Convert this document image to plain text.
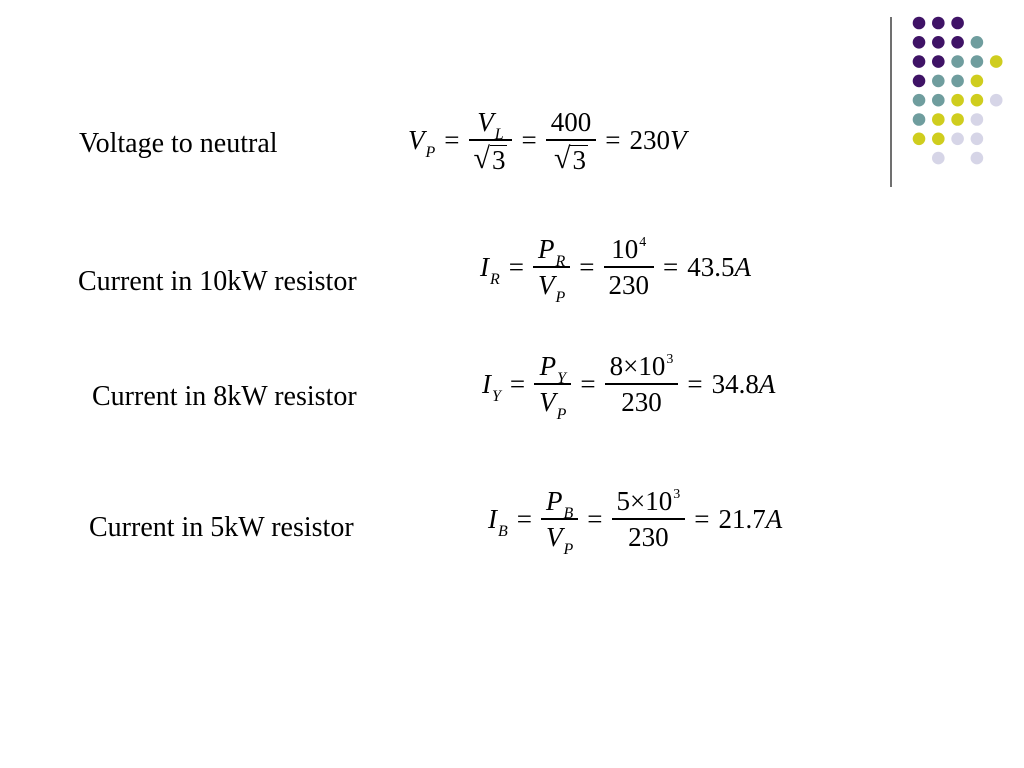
Voltage to neutral	$V_P = \frac{V_L}{√ 3} = \frac{400}{√ 3} = 230V$
Current in 10kW resistor	$I_R = \frac{P_R}{V_P} = \frac{10^4}{230} = 43.5A$
Current in 8kW resistor	$I_Y = \frac{P_Y}{V_P} = \frac{8\times 10^3}{230} = 34.8A$
Current in 5kW resistor	$I_B = \frac{P_B}{V_P} = \frac{5\times 10^3}{230} = 21.7A$
